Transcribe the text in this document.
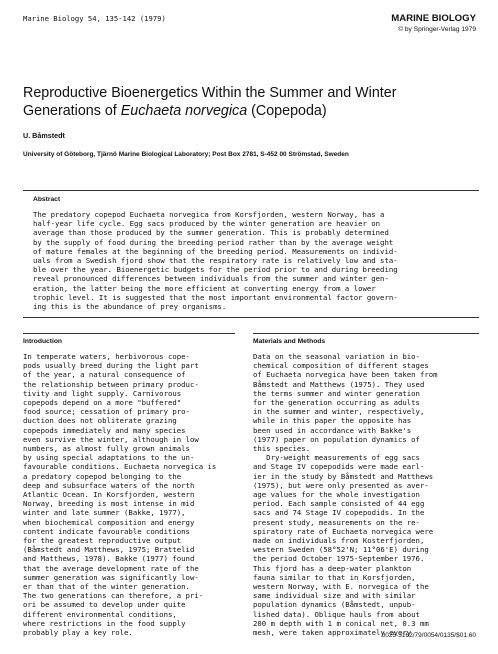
Marine Biology 54, 135-142 (1979)	MARINE BIOLOGY
© by Springer-Verlag 1979
Reproductive Bioenergetics Within the Summer and Winter
Generations of Euchaeta norvegica (Copepoda)
U. Båmstedt
University of Göteborg, Tjärnö Marine Biological Laboratory; Post Box 2781, S-452 00 Strömstad, Sweden
Abstract
The predatory copepod Euchaeta norvegica from Korsfjorden, western Norway, has a
half-year life cycle. Egg sacs produced by the winter generation are heavier on
average than those produced by the summer generation. This is probably determined
by the supply of food during the breeding period rather than by the average weight
of mature females at the beginning of the breeding period. Measurements on individ-
uals from a Swedish fjord show that the respiratory rate is relatively low and sta-
ble over the year. Bioenergetic budgets for the period prior to and during breeding
reveal pronounced differences between individuals from the summer and winter gen-
eration, the latter being the more efficient at converting energy from a lower
trophic level. It is suggested that the most important environmental factor govern-
ing this is the abundance of prey organisms.
Introduction
In temperate waters, herbivorous cope-
pods usually breed during the light part
of the year, a natural consequence of
the relationship between primary produc-
tivity and light supply. Carnivorous
copepods depend on a more "buffered"
food source; cessation of primary pro-
duction does not obliterate grazing
copepods immediately and many species
even survive the winter, although in low
numbers, as almost fully grown animals
by using special adaptations to the un-
favourable conditions. Euchaeta norvegica is
a predatory copepod belonging to the
deep and subsurface waters of the north
Atlantic Ocean. In Korsfjorden, western
Norway, breeding is most intense in mid
winter and late summer (Bakke, 1977),
when biochemical composition and energy
content indicate favourable conditions
for the greatest reproductive output
(Båmstedt and Matthews, 1975; Brattelid
and Matthews, 1978). Bakke (1977) found
that the average development rate of the
summer generation was significantly low-
er than that of the winter generation.
The two generations can therefore, a pri-
ori be assumed to develop under quite
different environmental conditions,
where restrictions in the food supply
probably play a key role.
Materials and Methods
Data on the seasonal variation in bio-
chemical composition of different stages
of Euchaeta norvegica have been taken from
Båmstedt and Matthews (1975). They used
the terms summer and winter generation
for the generation occurring as adults
in the summer and winter, respectively,
while in this paper the opposite has
been used in accordance with Bakke's
(1977) paper on population dynamics of
this species.
Dry-weight measurements of egg sacs
and Stage IV copepodids were made earl-
ier in the study by Båmstedt and Matthews
(1975), but were only presented as aver-
age values for the whole investigation
period. Each sample consisted of 44 egg
sacs and 74 Stage IV copepodids. In the
present study, measurements on the re-
spiratory rate of Euchaeta norvegica were
made on individuals from Kosterfjorden,
western Sweden (58°52'N; 11°06'E) during
the period October 1975-September 1976.
This fjord has a deep-water plankton
fauna similar to that in Korsfjorden,
western Norway, with E. norvegica of the
same individual size and with similar
population dynamics (Båmstedt, unpub-
lished data). Oblique hauls from about
200 m depth with 1 m conical net, 0.3 mm
mesh, were taken approximately every
0025-3162/79/0054/0135/$01.60
